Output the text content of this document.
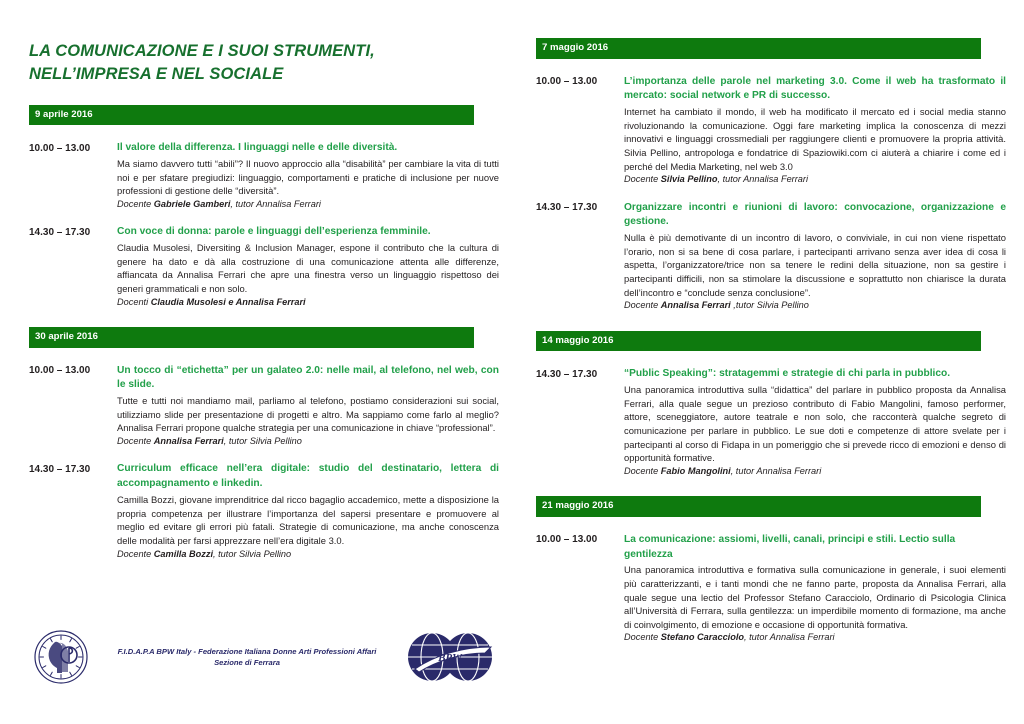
LA COMUNICAZIONE E I SUOI STRUMENTI,
NELL’IMPRESA E NEL SOCIALE
9 aprile 2016
10.00 – 13.00	Il valore della differenza. I linguaggi nelle e delle diversità.

Ma siamo davvero tutti “abili”? Il nuovo approccio alla “disabilità” per cambiare la vita di tutti noi e per sfatare pregiudizi: linguaggio, comportamenti e pratiche di inclusione per nuove professioni di gestione delle “diversità”.

Docente Gabriele Gamberi, tutor Annalisa Ferrari

14.30 – 17.30	Con voce di donna: parole e linguaggi dell’esperienza femminile.

Claudia Musolesi, Diversiting & Inclusion Manager, espone il contributo che la cultura di genere ha dato e dà alla costruzione di una comunicazione attenta alle differenze, affiancata da Annalisa Ferrari che apre una finestra verso un linguaggio rispettoso dei generi grammaticali e non solo.

Docenti Claudia Musolesi e Annalisa Ferrari

30 aprile 2016
10.00 – 13.00	Un tocco di “etichetta” per un galateo 2.0: nelle mail, al telefono, nel web, con le slide.

Tutte e tutti noi mandiamo mail, parliamo al telefono, postiamo considerazioni sui social, utilizziamo slide per presentazione di progetti e altro. Ma sappiamo come farlo al meglio? Annalisa Ferrari propone qualche strategia per una comunicazione in chiave “professional”.

Docente Annalisa Ferrari, tutor Silvia Pellino

14.30 – 17.30	Curriculum efficace nell’era digitale: studio del destinatario, lettera di accompagnamento e linkedin.

Camilla Bozzi, giovane imprenditrice dal ricco bagaglio accademico, mette a disposizione la propria competenza per illustrare l’importanza del sapersi presentare e promuovere al meglio ed evitare gli errori più fatali. Strategie di comunicazione, ma anche conoscenza delle modalità per farsi apprezzare nell’era digitale 3.0.

Docente Camilla Bozzi, tutor Silvia Pellino

7 maggio 2016
10.00 – 13.00	L’importanza delle parole nel marketing 3.0. Come il web ha trasformato il mercato: social network e PR di successo.

Internet ha cambiato il mondo, il web ha modificato il mercato ed i social media stanno rivoluzionando la comunicazione. Oggi fare marketing implica la conoscenza di mezzi innovativi e linguaggi crossmediali per raggiungere clienti e promuovere la propria attività. Silvia Pellino, antropologa e fondatrice di Spaziowiki.com ci aiuterà a chiarire i come ed i perché del Media Marketing, nel web 3.0

Docente Silvia Pellino, tutor Annalisa Ferrari

14.30 – 17.30	Organizzare incontri e riunioni di lavoro: convocazione, organizzazione e gestione.

Nulla è più demotivante di un incontro di lavoro, o conviviale, in cui non viene rispettato l’orario, non si sa bene di cosa parlare, i partecipanti arrivano senza aver idea di cosa li aspetta, l’organizzatore/trice non sa tenere le redini della situazione, non sa gestire i partecipanti difficili, non sa stimolare la discussione e soprattutto non chiarisce la durata dell’incontro e “conclude senza conclusione”.

Docente Annalisa Ferrari ,tutor Silvia Pellino

14 maggio 2016
14.30 – 17.30	“Public Speaking”: stratagemmi e strategie di chi parla in pubblico.

Una panoramica introduttiva sulla “didattica” del parlare in pubblico proposta da Annalisa Ferrari, alla quale segue un prezioso contributo di Fabio Mangolini, famoso performer, attore, sceneggiatore, autore teatrale e non solo, che racconterà qualche segreto di comunicazione per parlare in pubblico. Le sue doti e competenze di attore svelate per i partecipanti al corso di Fidapa in un pomeriggio che si prevede ricco di emozioni e denso di opportunità formative.

Docente Fabio Mangolini, tutor Annalisa Ferrari

21 maggio 2016
10.00 – 13.00	La comunicazione: assiomi, livelli, canali, principi e stili. Lectio sulla gentilezza

Una panoramica introduttiva e formativa sulla comunicazione in generale, i suoi elementi più caratterizzanti, e i tanti mondi che ne fanno parte, proposta da Annalisa Ferrari, alla quale segue una lectio del Professor Stefano Caracciolo, Ordinario di Psicologia Clinica all’Università di Ferrara, sulla gentilezza: un imperdibile momento di formazione, ma anche di coinvolgimento, di emozione e occasione di opportunità formativa.

Docente Stefano Caracciolo, tutor Annalisa Ferrari

F.I.D.A.P.A BPW Italy - Federazione Italiana Donne Arti Professioni Affari
Sezione di Ferrara	BPW
